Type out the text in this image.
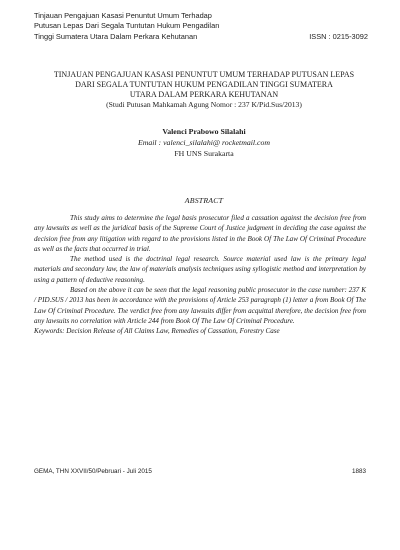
Tinjauan Pengajuan Kasasi Penuntut Umum Terhadap
Putusan Lepas Dari Segala Tuntutan Hukum Pengadilan
Tinggi Sumatera Utara Dalam Perkara Kehutanan	ISSN : 0215-3092
TINJAUAN PENGAJUAN KASASI PENUNTUT UMUM TERHADAP PUTUSAN LEPAS
DARI SEGALA TUNTUTAN HUKUM PENGADILAN TINGGI SUMATERA
UTARA DALAM PERKARA KEHUTANAN
(Studi Putusan Mahkamah Agung Nomor : 237 K/Pid.Sus/2013)
Valenci Prabowo Silalahi
Email : valenci_silalahi@ rocketmail.com
FH UNS Surakarta
ABSTRACT

This study aims to determine the legal basis prosecutor filed a cassation against the decision free from any lawsuits as well as the juridical basis of the Supreme Court of Justice judgment in deciding the case against the decision free from any litigation with regard to the provisions listed in the Book Of The Law Of Criminal Procedure as well as the facts that occurred in trial.

The method used is the doctrinal legal research. Source material used law is the primary legal materials and secondary law, the law of materials analysis techniques using syllogistic method and interpretation by using a pattern of deductive reasoning.

Based on the above it can be seen that the legal reasoning public prosecutor in the case number: 237 K / PID.SUS / 2013 has been in accordance with the provisions of Article 253 paragraph (1) letter a from Book Of The Law Of Criminal Procedure. The verdict free from any lawsuits differ from acquittal therefore, the decision free from any lawsuits no correlation with Article 244 from Book Of The Law Of Criminal Procedure.

Keywords: Decision Release of All Claims Law, Remedies of Cassation, Forestry Case

GEMA, THN XXVII/50/Pebruari - Juli 2015	1883
